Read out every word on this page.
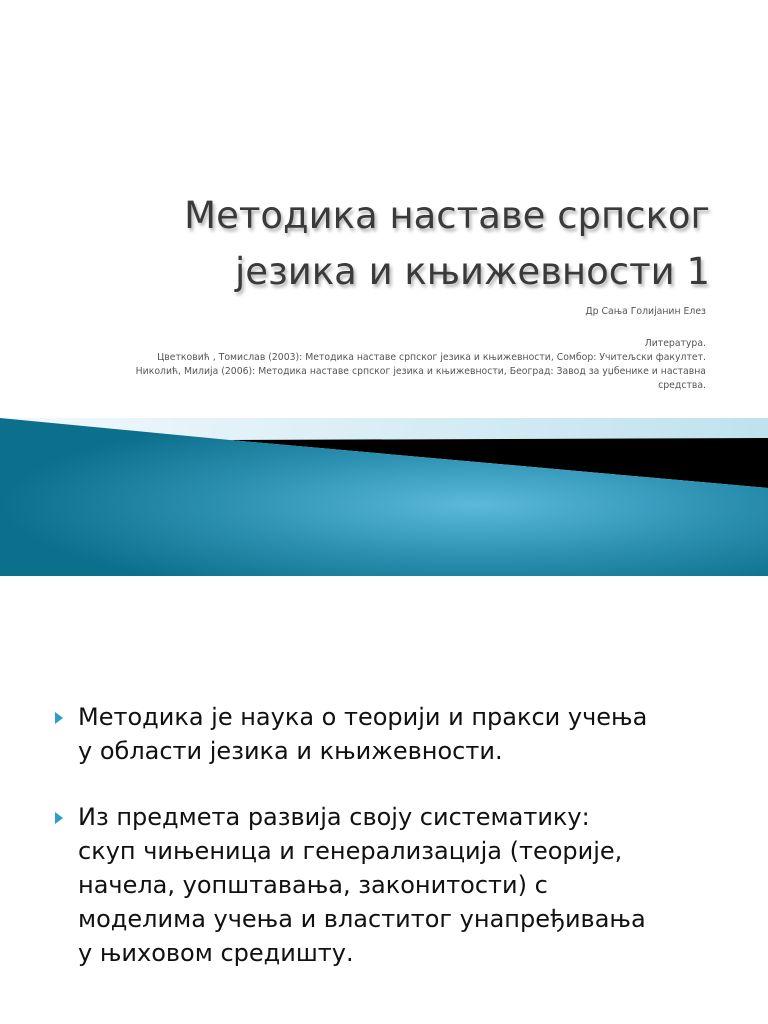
Методика наставе српског
језика и књижевности 1
Др Сања Голијанин Елез
Литература.
Цветковић , Томислав (2003): Методика наставе српског језика и књижевности, Сомбор: Учитељски факултет.
Николић, Милија (2006): Методика наставе српског језика и књижевности, Београд: Завод за уџбенике и наставна
средства.
Методика је наука о теорији и пракси учења
у области језика и књижевности.
Из предмета развија своју систематику:
скуп чињеница и генерализација (теорије,
начела, уопштавања, законитости) с
моделима учења и властитог унапређивања
у њиховом средишту.
